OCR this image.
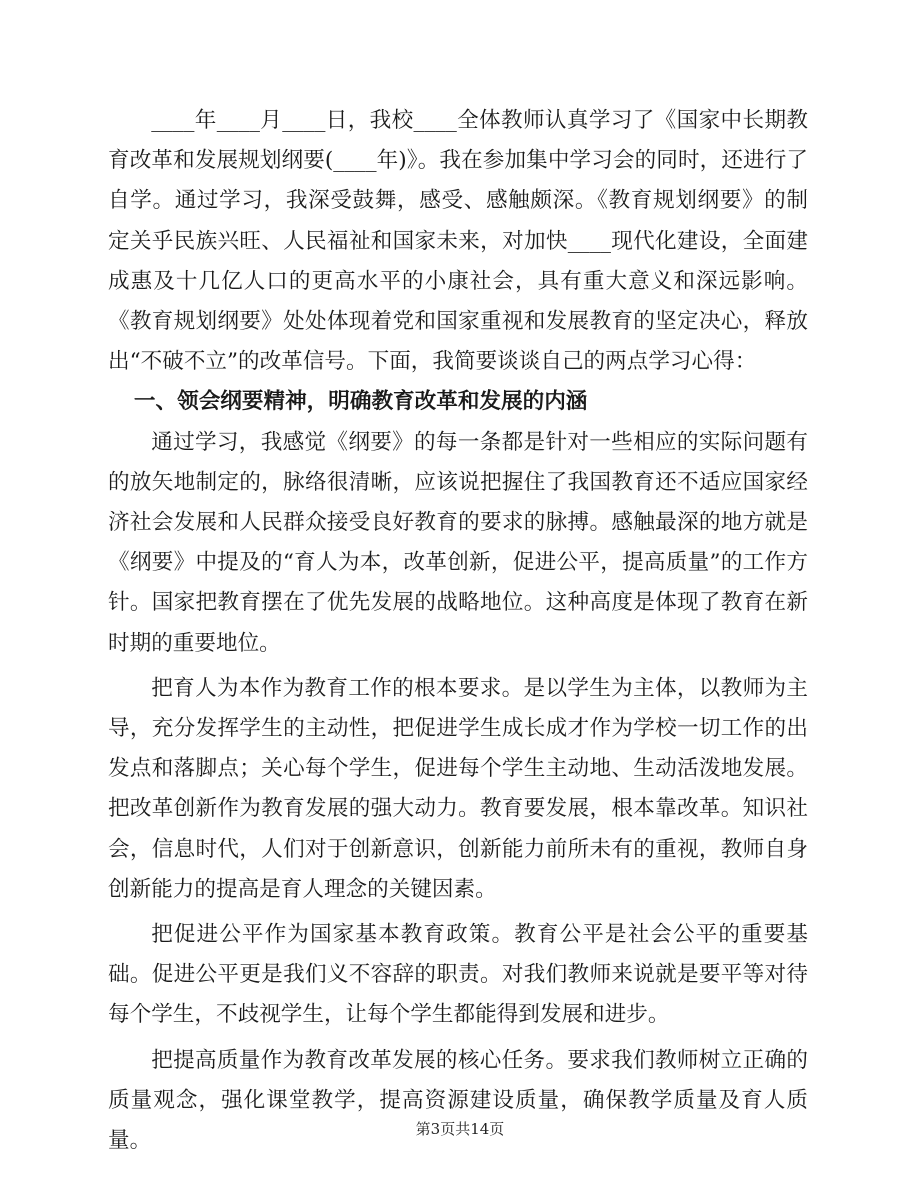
____年____月____日，我校____全体教师认真学习了《国家中长期教育改革和发展规划纲要(____年)》。我在参加集中学习会的同时，还进行了自学。通过学习，我深受鼓舞，感受、感触颇深。《教育规划纲要》的制定关乎民族兴旺、人民福祉和国家未来，对加快____现代化建设，全面建成惠及十几亿人口的更高水平的小康社会，具有重大意义和深远影响。《教育规划纲要》处处体现着党和国家重视和发展教育的坚定决心，释放出“不破不立”的改革信号。下面，我简要谈谈自己的两点学习心得：

一、领会纲要精神，明确教育改革和发展的内涵

通过学习，我感觉《纲要》的每一条都是针对一些相应的实际问题有的放矢地制定的，脉络很清晰，应该说把握住了我国教育还不适应国家经济社会发展和人民群众接受良好教育的要求的脉搏。感触最深的地方就是《纲要》中提及的“育人为本，改革创新，促进公平，提高质量”的工作方针。国家把教育摆在了优先发展的战略地位。这种高度是体现了教育在新时期的重要地位。

把育人为本作为教育工作的根本要求。是以学生为主体，以教师为主导，充分发挥学生的主动性，把促进学生成长成才作为学校一切工作的出发点和落脚点；关心每个学生，促进每个学生主动地、生动活泼地发展。把改革创新作为教育发展的强大动力。教育要发展，根本靠改革。知识社会，信息时代，人们对于创新意识，创新能力前所未有的重视，教师自身创新能力的提高是育人理念的关键因素。

把促进公平作为国家基本教育政策。教育公平是社会公平的重要基础。促进公平更是我们义不容辞的职责。对我们教师来说就是要平等对待每个学生，不歧视学生，让每个学生都能得到发展和进步。

把提高质量作为教育改革发展的核心任务。要求我们教师树立正确的质量观念，强化课堂教学，提高资源建设质量，确保教学质量及育人质量。	第3页共14页
